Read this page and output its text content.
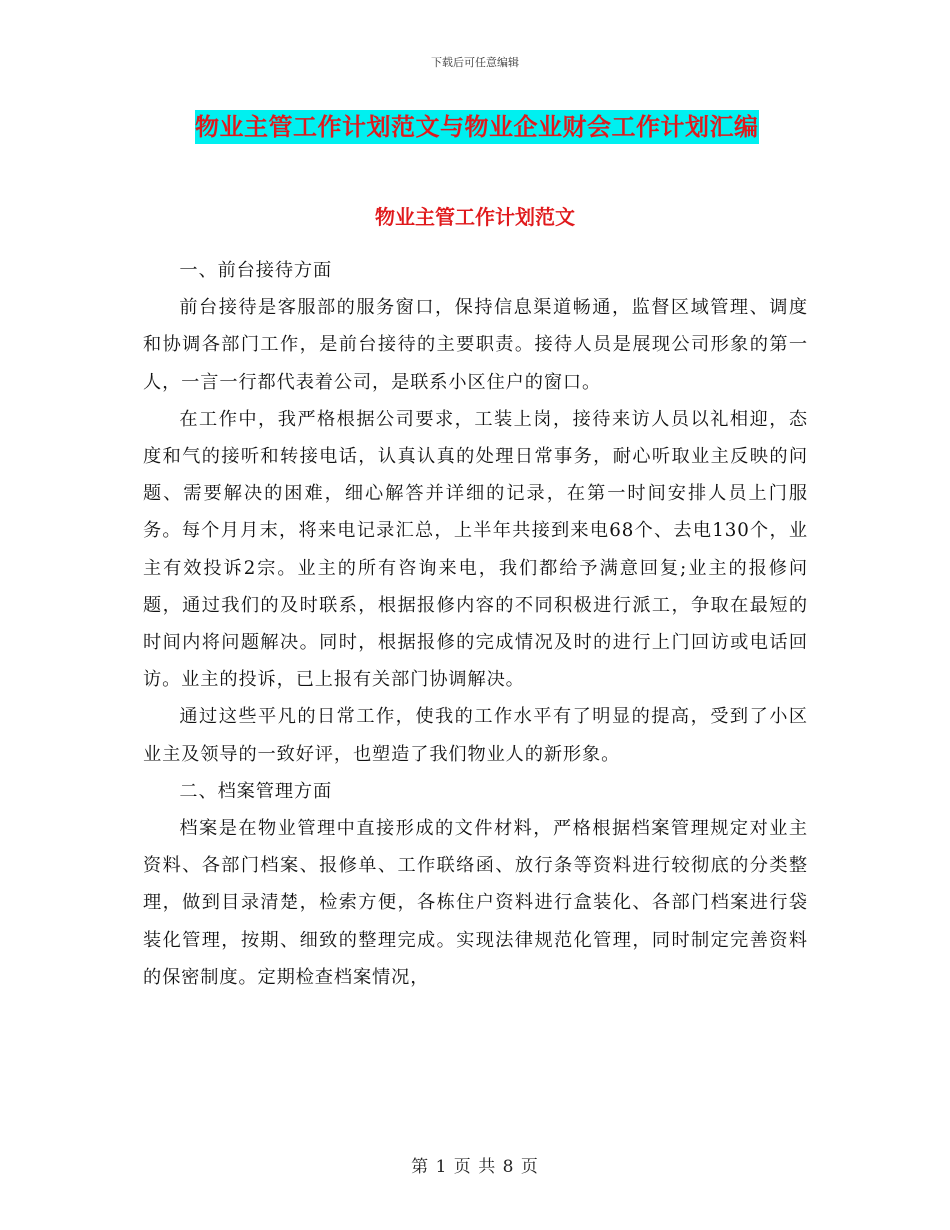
下载后可任意编辑
物业主管工作计划范文与物业企业财会工作计划汇编
物业主管工作计划范文

一、前台接待方面

前台接待是客服部的服务窗口，保持信息渠道畅通，监督区域管理、调度和协调各部门工作，是前台接待的主要职责。接待人员是展现公司形象的第一人，一言一行都代表着公司，是联系小区住户的窗口。

在工作中，我严格根据公司要求，工装上岗，接待来访人员以礼相迎，态度和气的接听和转接电话，认真认真的处理日常事务，耐心听取业主反映的问题、需要解决的困难，细心解答并详细的记录，在第一时间安排人员上门服务。每个月月末，将来电记录汇总，上半年共接到来电68个、去电130个，业主有效投诉2宗。业主的所有咨询来电，我们都给予满意回复;业主的报修问题，通过我们的及时联系，根据报修内容的不同积极进行派工，争取在最短的时间内将问题解决。同时，根据报修的完成情况及时的进行上门回访或电话回访。业主的投诉，已上报有关部门协调解决。

通过这些平凡的日常工作，使我的工作水平有了明显的提高，受到了小区业主及领导的一致好评，也塑造了我们物业人的新形象。

二、档案管理方面

档案是在物业管理中直接形成的文件材料，严格根据档案管理规定对业主资料、各部门档案、报修单、工作联络函、放行条等资料进行较彻底的分类整理，做到目录清楚，检索方便，各栋住户资料进行盒装化、各部门档案进行袋装化管理，按期、细致的整理完成。实现法律规范化管理，同时制定完善资料的保密制度。定期检查档案情况，

第 1 页 共 8 页
